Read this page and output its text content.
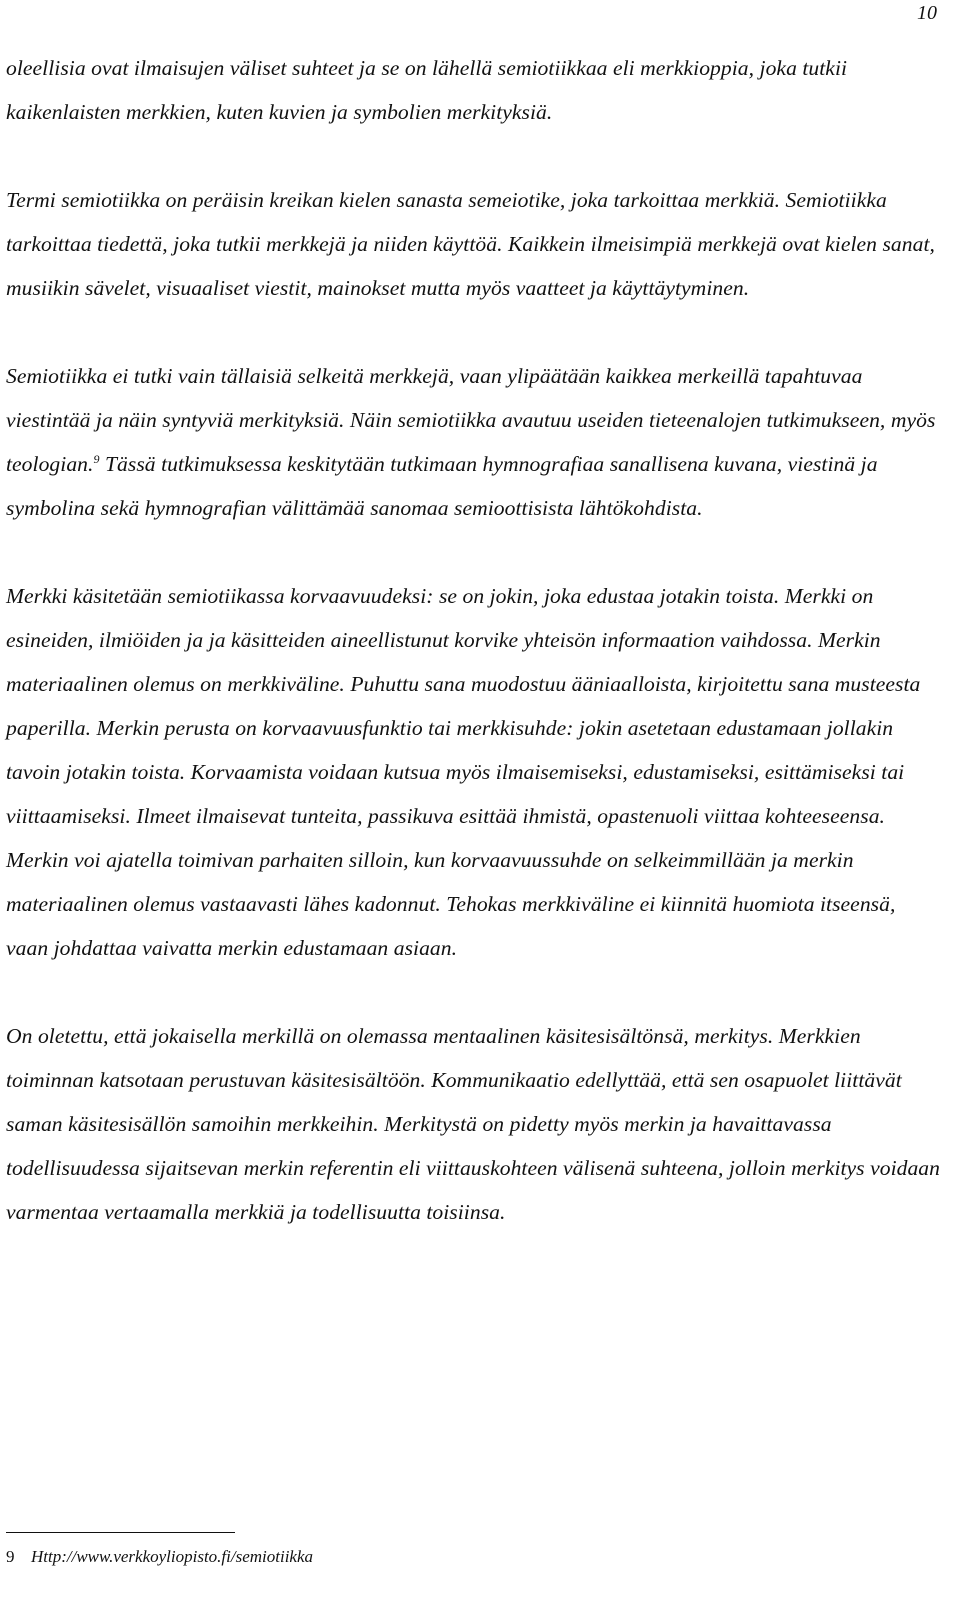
10

oleellisia ovat ilmaisujen väliset suhteet ja se on lähellä semiotiikkaa eli merkkioppia, joka tutkii kaikenlaisten merkkien, kuten kuvien ja symbolien merkityksiä.

Termi semiotiikka on peräisin kreikan kielen sanasta semeiotike, joka tarkoittaa merkkiä. Semiotiikka tarkoittaa tiedettä, joka tutkii merkkejä ja niiden käyttöä. Kaikkein ilmeisimpiä merkkejä ovat kielen sanat, musiikin sävelet, visuaaliset viestit, mainokset mutta myös vaatteet ja käyttäytyminen.

Semiotiikka ei tutki vain tällaisiä selkeitä merkkejä, vaan ylipäätään kaikkea merkeillä tapahtuvaa viestintää ja näin syntyviä merkityksiä. Näin semiotiikka avautuu useiden tieteenalojen tutkimukseen, myös teologian.$^9$ Tässä tutkimuksessa keskitytään tutkimaan hymnografiaa sanallisena kuvana, viestinä ja symbolina sekä hymnografian välittämää sanomaa semioottisista lähtökohdista.

Merkki käsitetään semiotiikassa korvaavuudeksi: se on jokin, joka edustaa jotakin toista. Merkki on esineiden, ilmiöiden ja ja käsitteiden aineellistunut korvike yhteisön informaation vaihdossa. Merkin materiaalinen olemus on merkkiväline. Puhuttu sana muodostuu ääniaalloista, kirjoitettu sana musteesta paperilla. Merkin perusta on korvaavuusfunktio tai merkkisuhde: jokin asetetaan edustamaan jollakin tavoin jotakin toista. Korvaamista voidaan kutsua myös ilmaisemiseksi, edustamiseksi, esittämiseksi tai viittaamiseksi. Ilmeet ilmaisevat tunteita, passikuva esittää ihmistä, opastenuoli viittaa kohteeseensa. Merkin voi ajatella toimivan parhaiten silloin, kun korvaavuussuhde on selkeimmillään ja merkin materiaalinen olemus vastaavasti lähes kadonnut. Tehokas merkkiväline ei kiinnitä huomiota itseensä, vaan johdattaa vaivatta merkin edustamaan asiaan.

On oletettu, että jokaisella merkillä on olemassa mentaalinen käsitesisältönsä, merkitys. Merkkien toiminnan katsotaan perustuvan käsitesisältöön. Kommunikaatio edellyttää, että sen osapuolet liittävät saman käsitesisällön samoihin merkkeihin. Merkitystä on pidetty myös merkin ja havaittavassa todellisuudessa sijaitsevan merkin referentin eli viittauskohteen välisenä suhteena, jolloin merkitys voidaan varmentaa vertaamalla merkkiä ja todellisuutta toisiinsa.

9 Http://www.verkkoyliopisto.fi/semiotiikka
